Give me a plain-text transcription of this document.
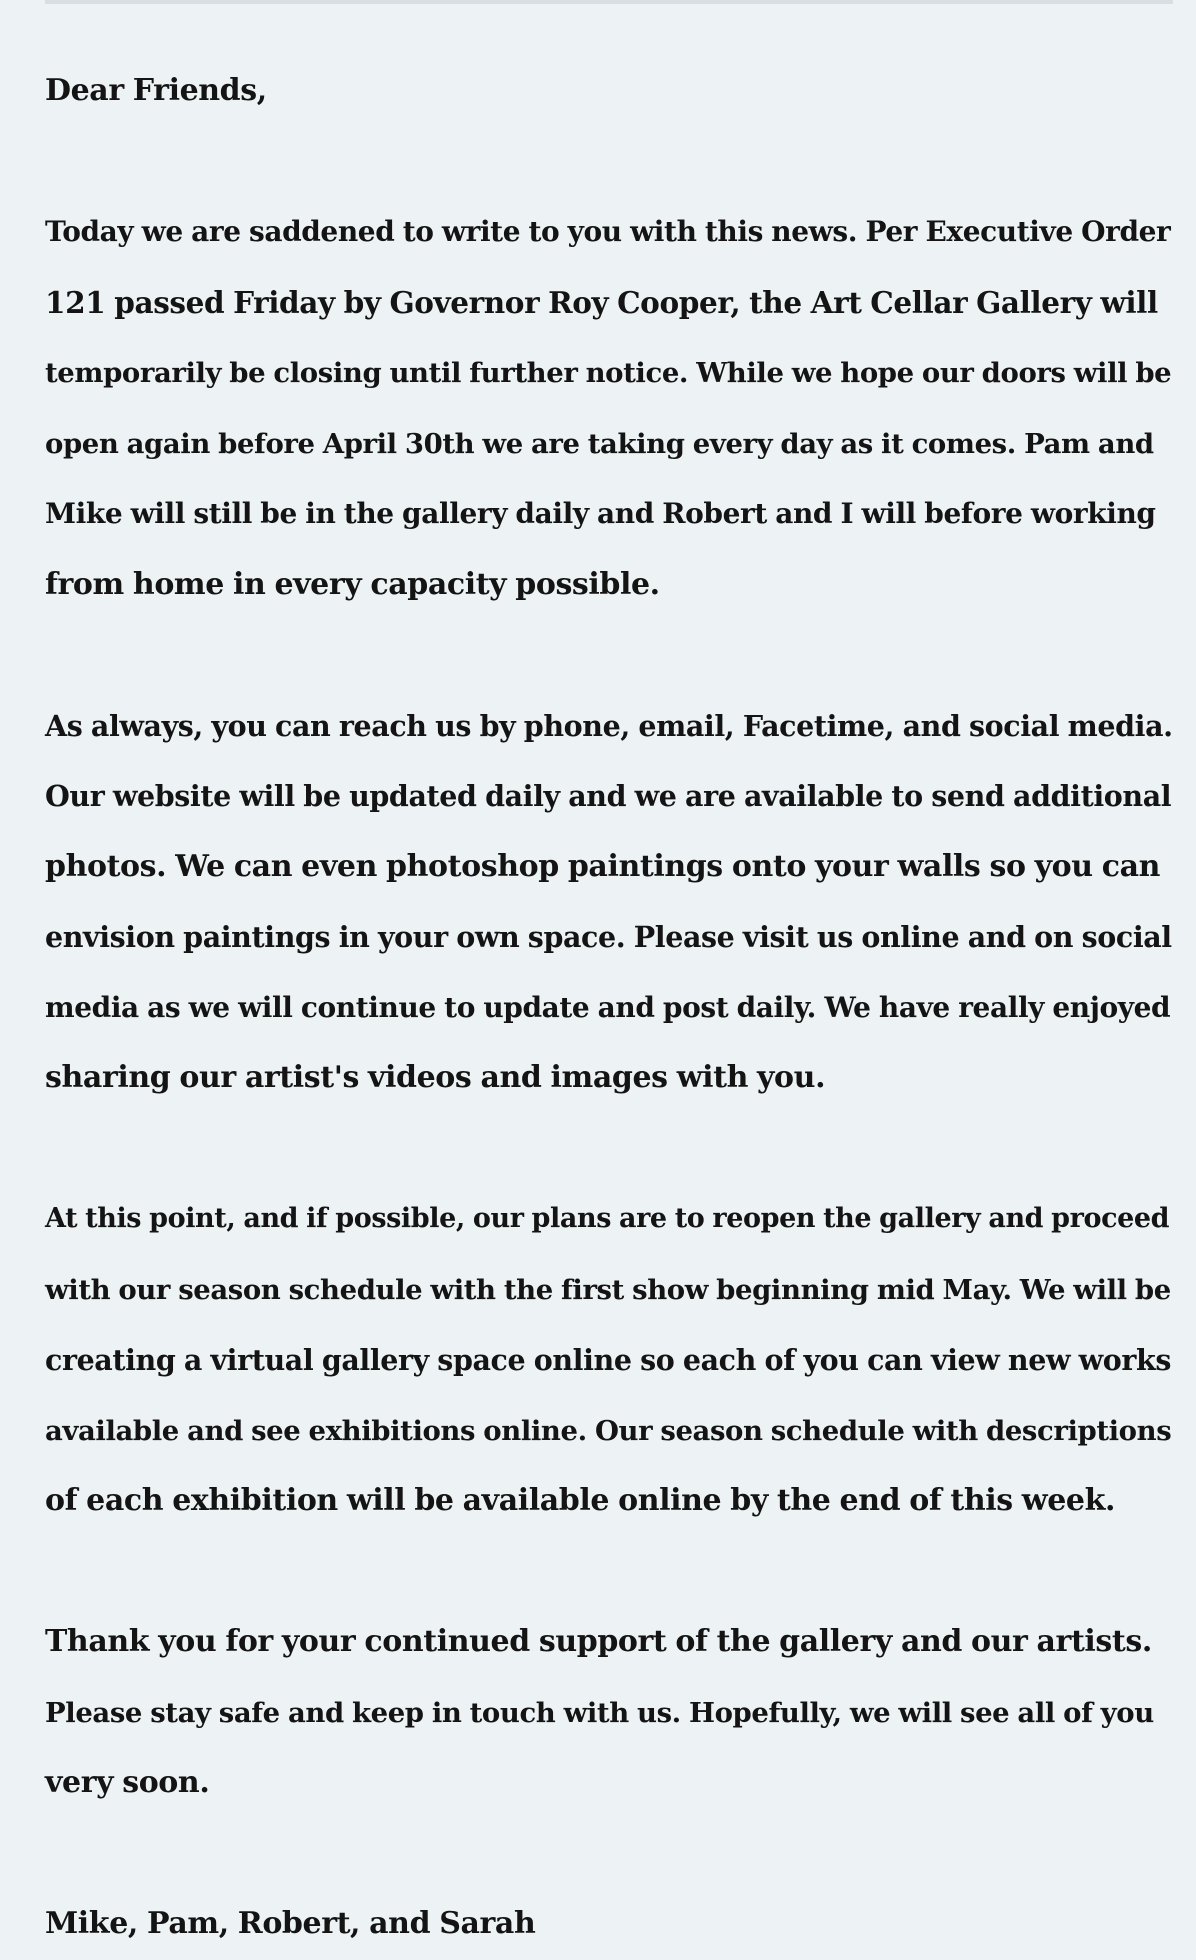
Dear Friends,

Today we are saddened to write to you with this news. Per Executive Order
121 passed Friday by Governor Roy Cooper, the Art Cellar Gallery will
temporarily be closing until further notice. While we hope our doors will be
open again before April 30th we are taking every day as it comes. Pam and
Mike will still be in the gallery daily and Robert and I will before working
from home in every capacity possible.

As always, you can reach us by phone, email, Facetime, and social media.
Our website will be updated daily and we are available to send additional
photos. We can even photoshop paintings onto your walls so you can
envision paintings in your own space. Please visit us online and on social
media as we will continue to update and post daily. We have really enjoyed
sharing our artist's videos and images with you.

At this point, and if possible, our plans are to reopen the gallery and proceed
with our season schedule with the first show beginning mid May. We will be
creating a virtual gallery space online so each of you can view new works
available and see exhibitions online. Our season schedule with descriptions
of each exhibition will be available online by the end of this week.

Thank you for your continued support of the gallery and our artists.
Please stay safe and keep in touch with us. Hopefully, we will see all of you
very soon.

Mike, Pam, Robert, and Sarah
